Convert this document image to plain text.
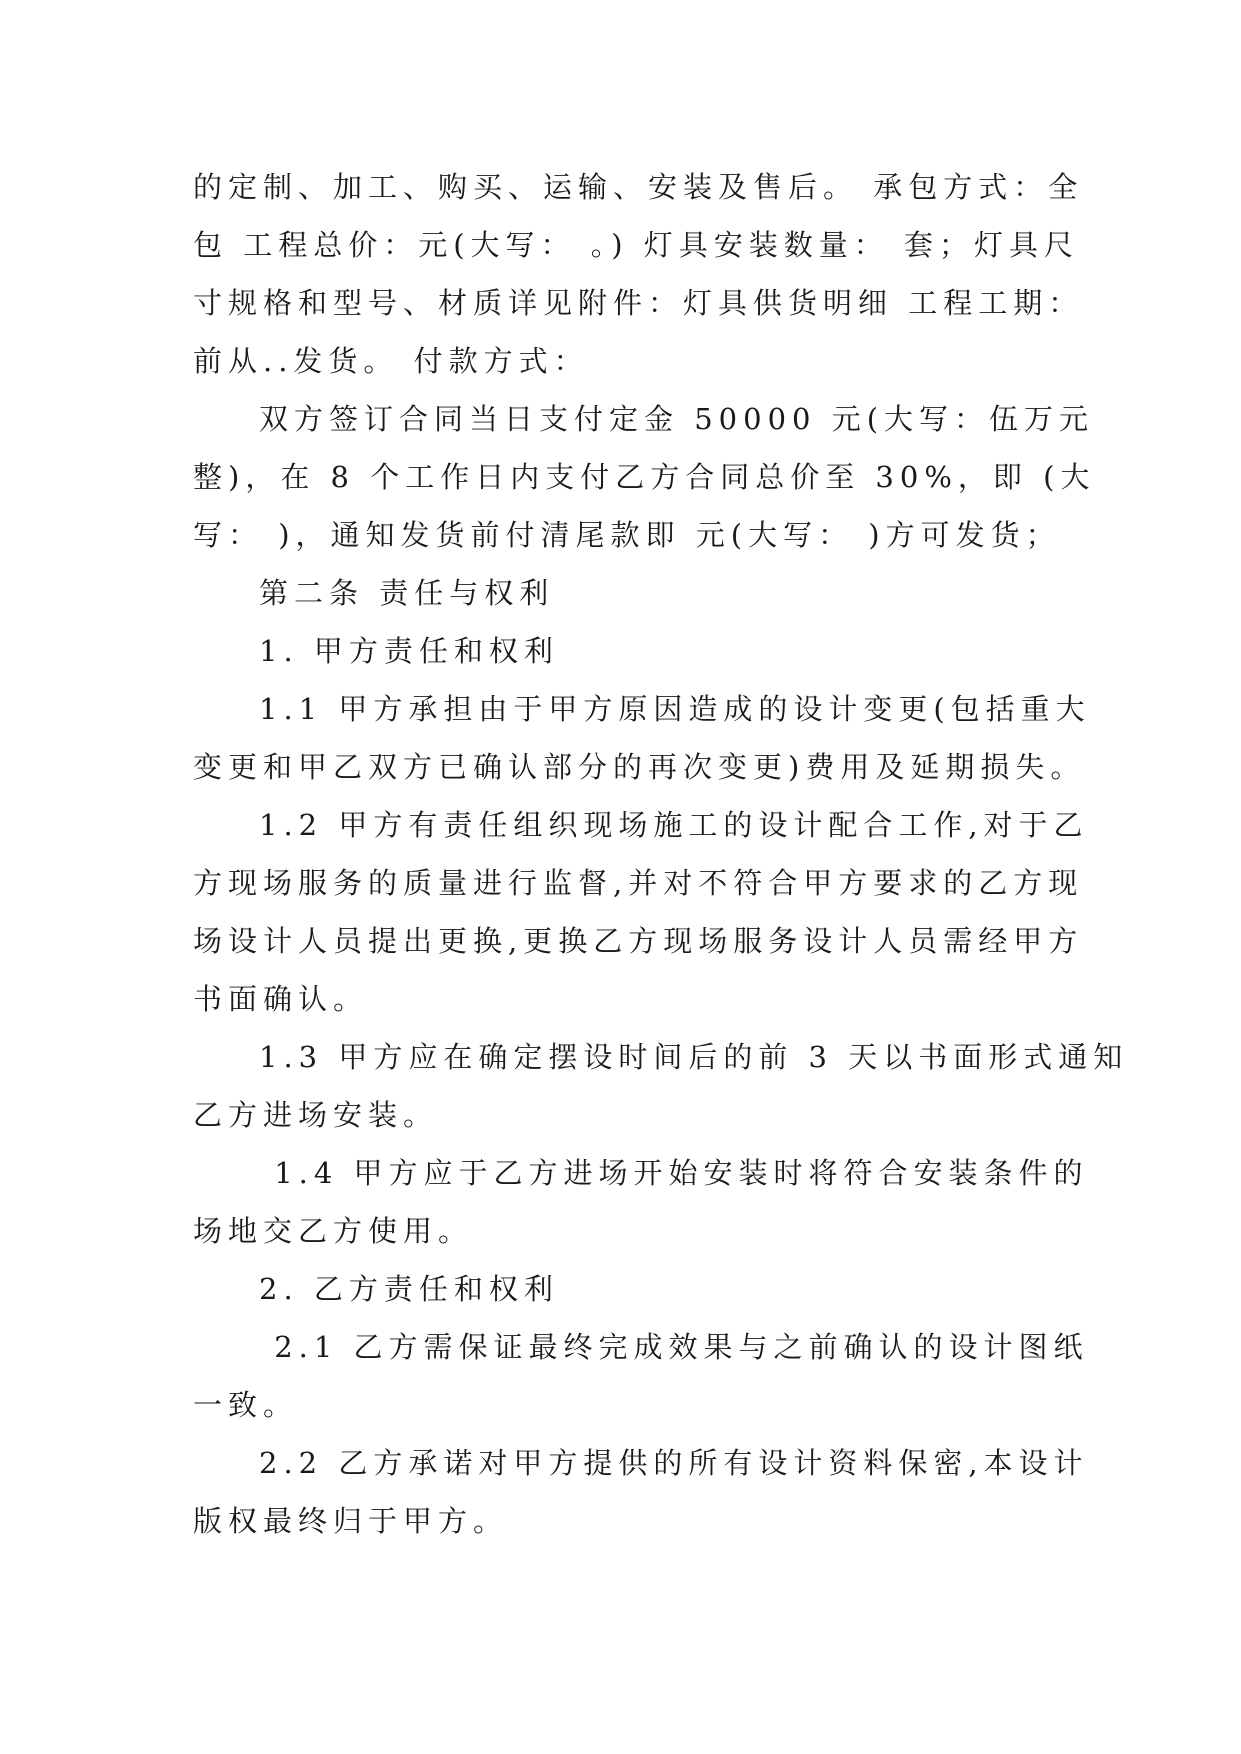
的定制、加工、购买、运输、安装及售后。 承包方式：全
包 工程总价：元(大写： 。) 灯具安装数量： 套；灯具尺
寸规格和型号、材质详见附件：灯具供货明细 工程工期：
前从..发货。 付款方式：

双方签订合同当日支付定金 50000 元(大写：伍万元
整)，在 8 个工作日内支付乙方合同总价至 30%，即 (大
写： )，通知发货前付清尾款即 元(大写： )方可发货；

第二条 责任与权利

1. 甲方责任和权利

1.1 甲方承担由于甲方原因造成的设计变更(包括重大
变更和甲乙双方已确认部分的再次变更)费用及延期损失。

1.2 甲方有责任组织现场施工的设计配合工作,对于乙
方现场服务的质量进行监督,并对不符合甲方要求的乙方现
场设计人员提出更换,更换乙方现场服务设计人员需经甲方
书面确认。

1.3 甲方应在确定摆设时间后的前 3 天以书面形式通知
乙方进场安装。

1.4 甲方应于乙方进场开始安装时将符合安装条件的
场地交乙方使用。

2. 乙方责任和权利

2.1 乙方需保证最终完成效果与之前确认的设计图纸
一致。

2.2 乙方承诺对甲方提供的所有设计资料保密,本设计
版权最终归于甲方。
